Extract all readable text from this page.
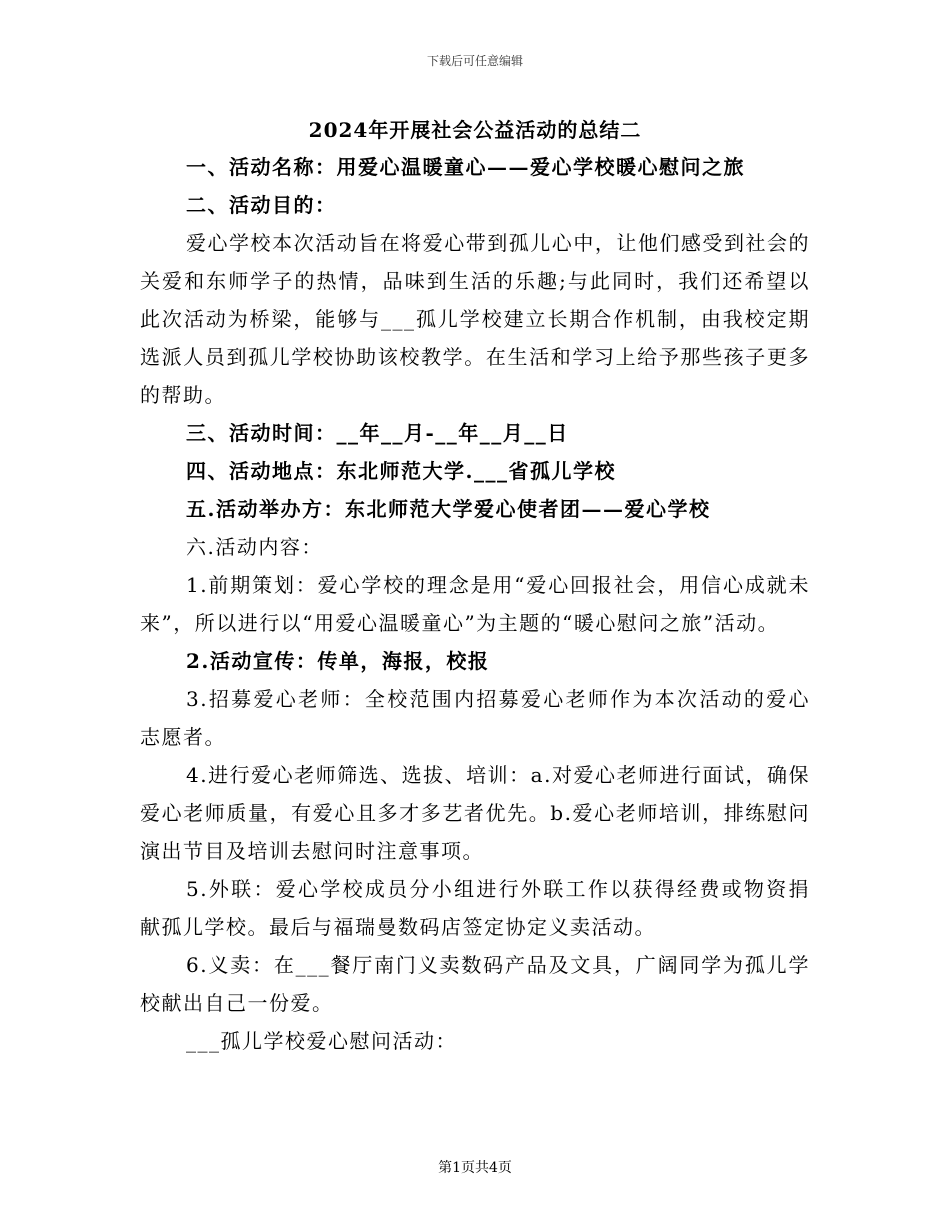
下载后可任意编辑
2024年开展社会公益活动的总结二

一、活动名称：用爱心温暖童心——爱心学校暖心慰问之旅

二、活动目的：

爱心学校本次活动旨在将爱心带到孤儿心中，让他们感受到社会的关爱和东师学子的热情，品味到生活的乐趣;与此同时，我们还希望以此次活动为桥梁，能够与___孤儿学校建立长期合作机制，由我校定期选派人员到孤儿学校协助该校教学。在生活和学习上给予那些孩子更多的帮助。

三、活动时间：__年__月-__年__月__日

四、活动地点：东北师范大学.___省孤儿学校

五.活动举办方：东北师范大学爱心使者团——爱心学校

六.活动内容：

1.前期策划：爱心学校的理念是用“爱心回报社会，用信心成就未来”，所以进行以“用爱心温暖童心”为主题的“暖心慰问之旅”活动。

2.活动宣传：传单，海报，校报

3.招募爱心老师：全校范围内招募爱心老师作为本次活动的爱心志愿者。

4.进行爱心老师筛选、选拔、培训：a.对爱心老师进行面试，确保爱心老师质量，有爱心且多才多艺者优先。b.爱心老师培训，排练慰问演出节目及培训去慰问时注意事项。

5.外联：爱心学校成员分小组进行外联工作以获得经费或物资捐献孤儿学校。最后与福瑞曼数码店签定协定义卖活动。

6.义卖：在___餐厅南门义卖数码产品及文具，广阔同学为孤儿学校献出自己一份爱。

___孤儿学校爱心慰问活动：

第1页共4页
